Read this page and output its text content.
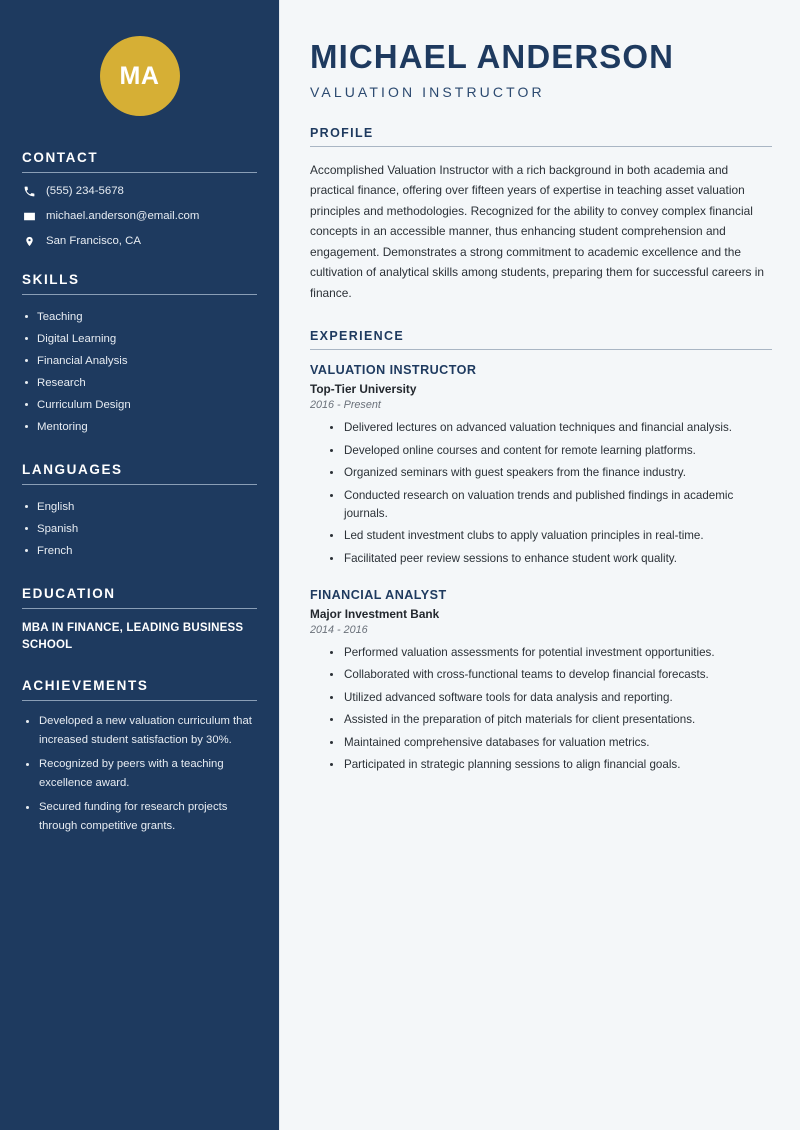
MA
CONTACT
(555) 234-5678
michael.anderson@email.com
San Francisco, CA
SKILLS
Teaching
Digital Learning
Financial Analysis
Research
Curriculum Design
Mentoring
LANGUAGES
English
Spanish
French
EDUCATION
MBA IN FINANCE, LEADING BUSINESS SCHOOL
ACHIEVEMENTS
Developed a new valuation curriculum that increased student satisfaction by 30%.
Recognized by peers with a teaching excellence award.
Secured funding for research projects through competitive grants.
MICHAEL ANDERSON
VALUATION INSTRUCTOR
PROFILE

Accomplished Valuation Instructor with a rich background in both academia and practical finance, offering over fifteen years of expertise in teaching asset valuation principles and methodologies. Recognized for the ability to convey complex financial concepts in an accessible manner, thus enhancing student comprehension and engagement. Demonstrates a strong commitment to academic excellence and the cultivation of analytical skills among students, preparing them for successful careers in finance.

EXPERIENCE
VALUATION INSTRUCTOR
Top-Tier University
2016 - Present
Delivered lectures on advanced valuation techniques and financial analysis.
Developed online courses and content for remote learning platforms.
Organized seminars with guest speakers from the finance industry.
Conducted research on valuation trends and published findings in academic journals.
Led student investment clubs to apply valuation principles in real-time.
Facilitated peer review sessions to enhance student work quality.
FINANCIAL ANALYST
Major Investment Bank
2014 - 2016
Performed valuation assessments for potential investment opportunities.
Collaborated with cross-functional teams to develop financial forecasts.
Utilized advanced software tools for data analysis and reporting.
Assisted in the preparation of pitch materials for client presentations.
Maintained comprehensive databases for valuation metrics.
Participated in strategic planning sessions to align financial goals.
